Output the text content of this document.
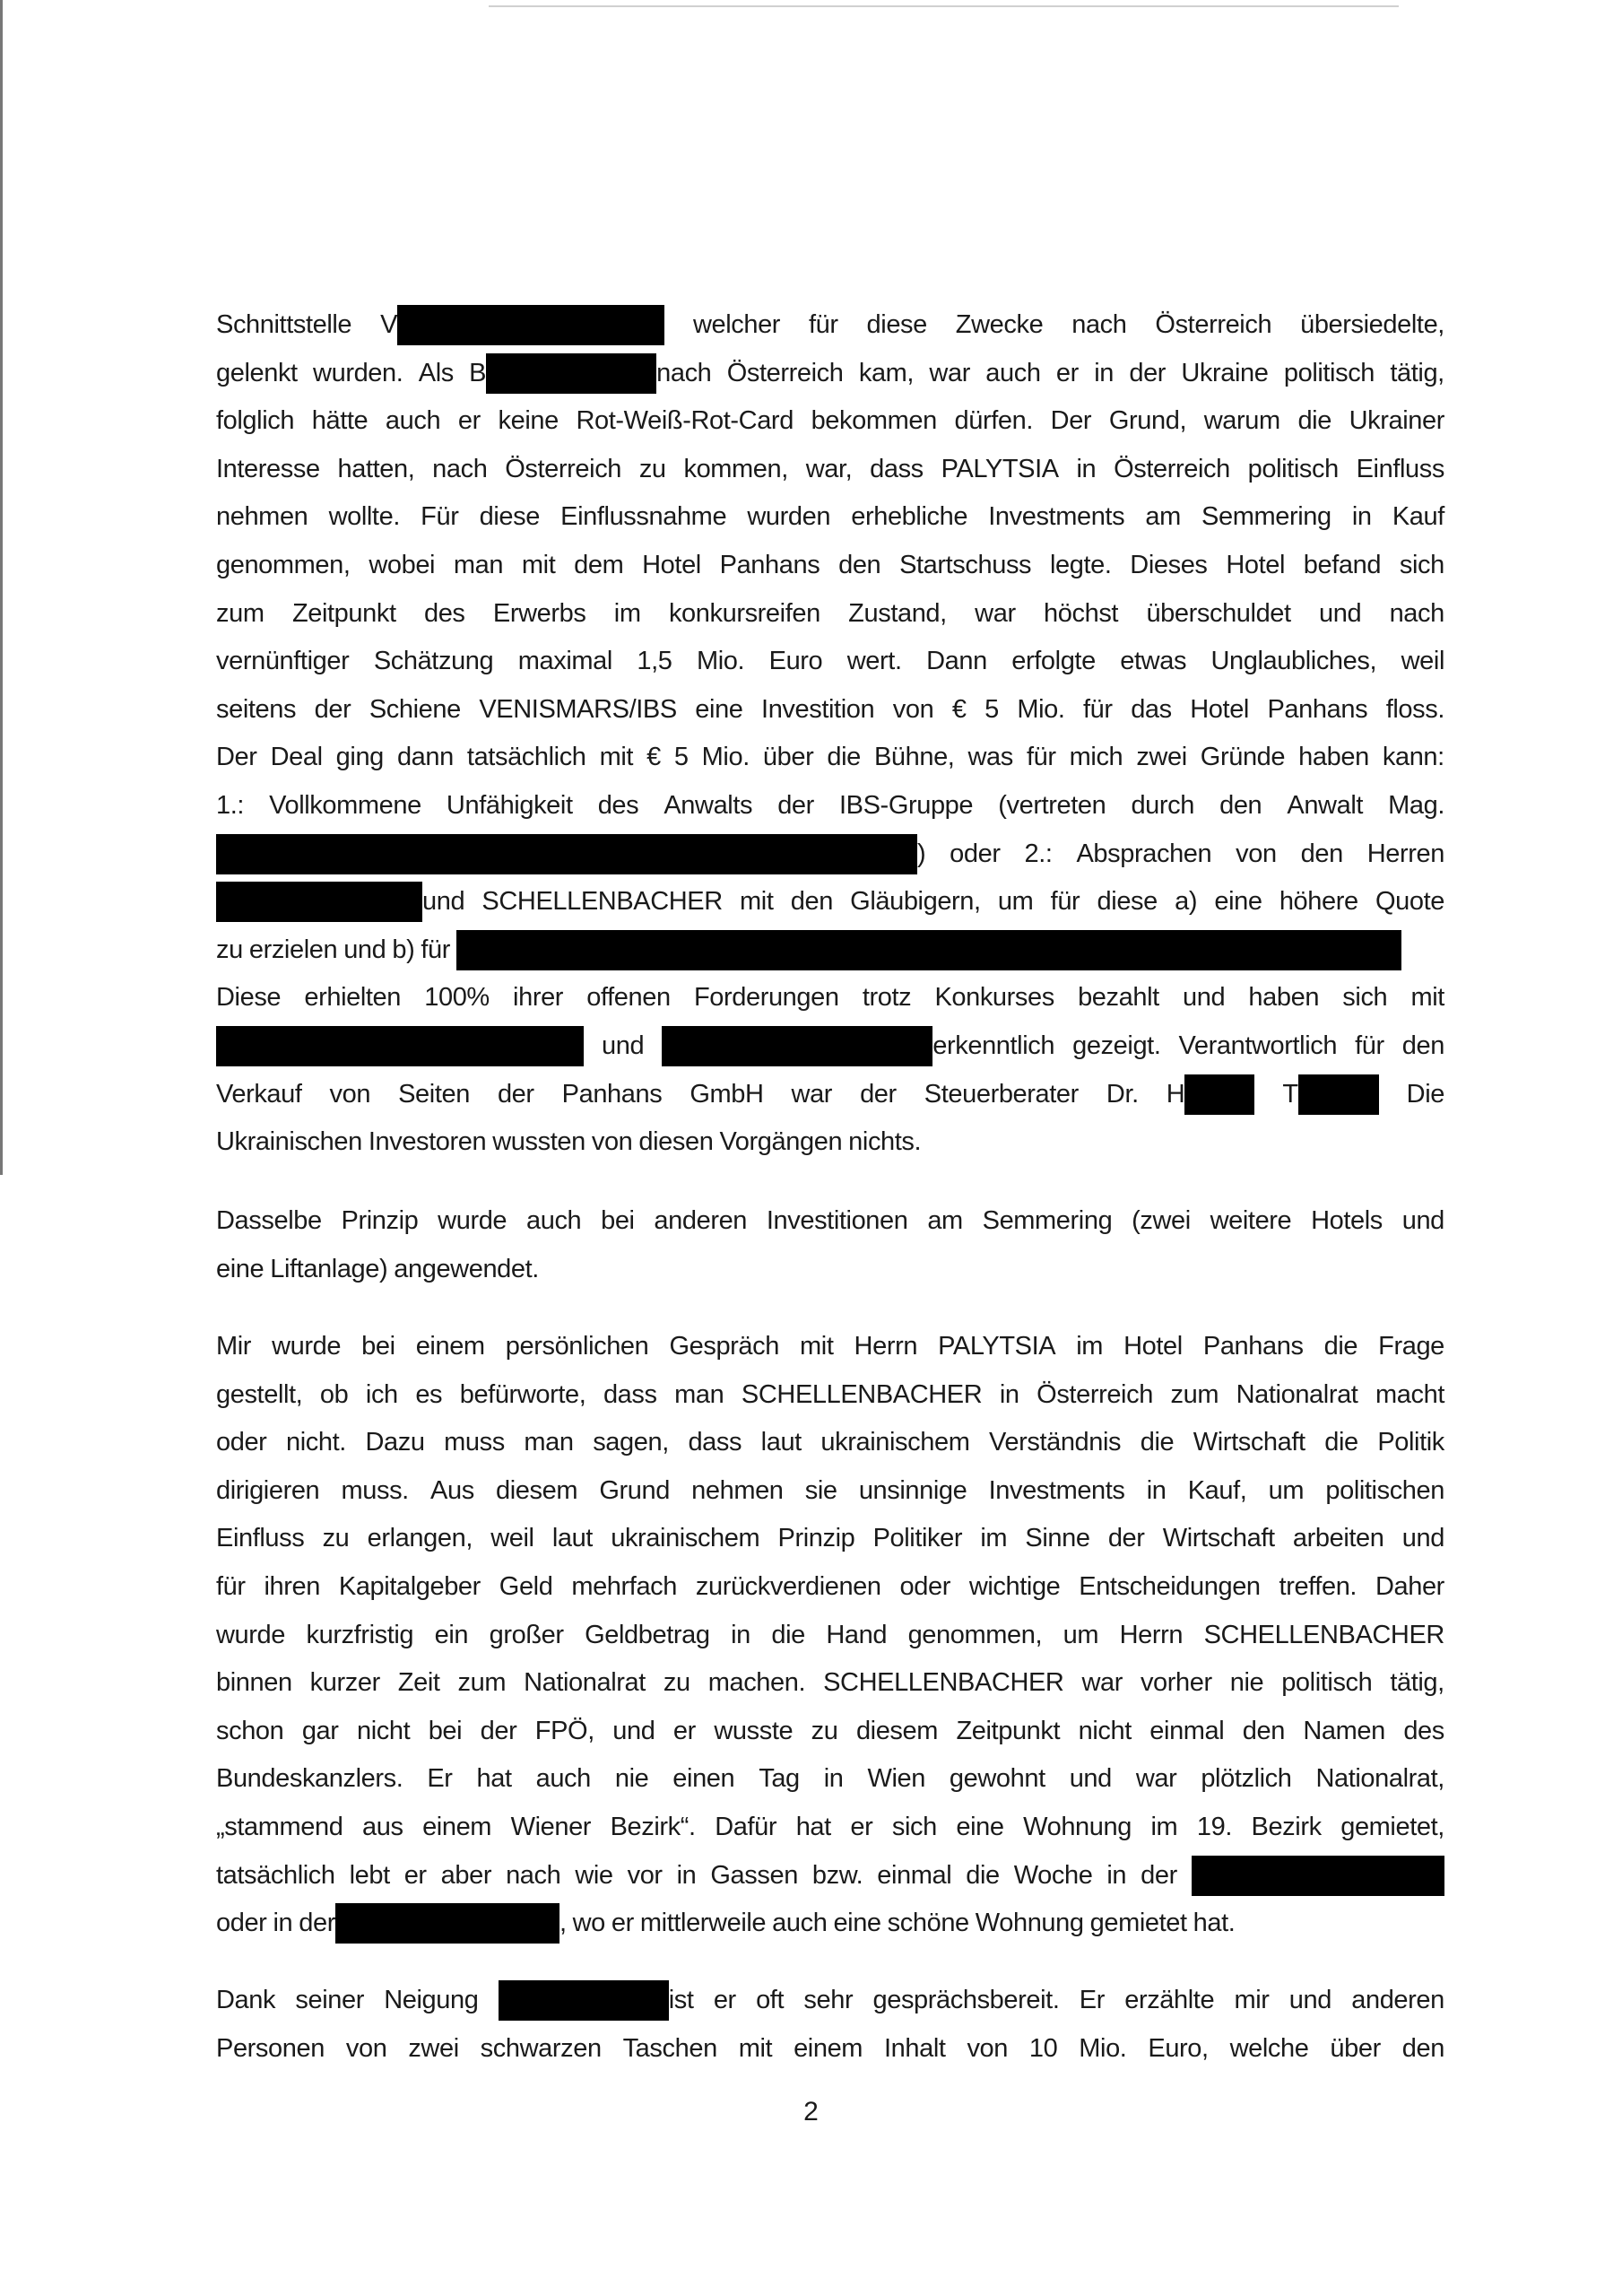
Schnittstelle V	welcher für diese Zwecke nach Österreich übersiedelte,
gelenkt wurden. Als B	nach Österreich kam, war auch er in der Ukraine politisch tätig,
folglich hätte auch er keine Rot-Weiß-Rot-Card bekommen dürfen. Der Grund, warum die Ukrainer
Interesse hatten, nach Österreich zu kommen, war, dass PALYTSIA in Österreich politisch Einfluss
nehmen wollte. Für diese Einflussnahme wurden erhebliche Investments am Semmering in Kauf
genommen, wobei man mit dem Hotel Panhans den Startschuss legte. Dieses Hotel befand sich
zum Zeitpunkt des Erwerbs im konkursreifen Zustand, war höchst überschuldet und nach
vernünftiger Schätzung maximal 1,5 Mio. Euro wert. Dann erfolgte etwas Unglaubliches, weil
seitens der Schiene VENISMARS/IBS eine Investition von € 5 Mio. für das Hotel Panhans floss.
Der Deal ging dann tatsächlich mit € 5 Mio. über die Bühne, was für mich zwei Gründe haben kann:
1.: Vollkommene Unfähigkeit des Anwalts der IBS-Gruppe (vertreten durch den Anwalt Mag.
) oder 2.: Absprachen von den Herren
und SCHELLENBACHER mit den Gläubigern, um für diese a) eine höhere Quote
zu erzielen und b) für
Diese erhielten 100% ihrer offenen Forderungen trotz Konkurses bezahlt und haben sich mit
und	erkenntlich gezeigt. Verantwortlich für den
Verkauf von Seiten der Panhans GmbH war der Steuerberater Dr. H	T	Die
Ukrainischen Investoren wussten von diesen Vorgängen nichts.
Dasselbe Prinzip wurde auch bei anderen Investitionen am Semmering (zwei weitere Hotels und
eine Liftanlage) angewendet.
Mir wurde bei einem persönlichen Gespräch mit Herrn PALYTSIA im Hotel Panhans die Frage
gestellt, ob ich es befürworte, dass man SCHELLENBACHER in Österreich zum Nationalrat macht
oder nicht. Dazu muss man sagen, dass laut ukrainischem Verständnis die Wirtschaft die Politik
dirigieren muss. Aus diesem Grund nehmen sie unsinnige Investments in Kauf, um politischen
Einfluss zu erlangen, weil laut ukrainischem Prinzip Politiker im Sinne der Wirtschaft arbeiten und
für ihren Kapitalgeber Geld mehrfach zurückverdienen oder wichtige Entscheidungen treffen. Daher
wurde kurzfristig ein großer Geldbetrag in die Hand genommen, um Herrn SCHELLENBACHER
binnen kurzer Zeit zum Nationalrat zu machen. SCHELLENBACHER war vorher nie politisch tätig,
schon gar nicht bei der FPÖ, und er wusste zu diesem Zeitpunkt nicht einmal den Namen des
Bundeskanzlers. Er hat auch nie einen Tag in Wien gewohnt und war plötzlich Nationalrat,
„stammend aus einem Wiener Bezirk“. Dafür hat er sich eine Wohnung im 19. Bezirk gemietet,
tatsächlich lebt er aber nach wie vor in Gassen bzw. einmal die Woche in der
oder in der	, wo er mittlerweile auch eine schöne Wohnung gemietet hat.
Dank seiner Neigung	ist er oft sehr gesprächsbereit. Er erzählte mir und anderen
Personen von zwei schwarzen Taschen mit einem Inhalt von 10 Mio. Euro, welche über den
2
